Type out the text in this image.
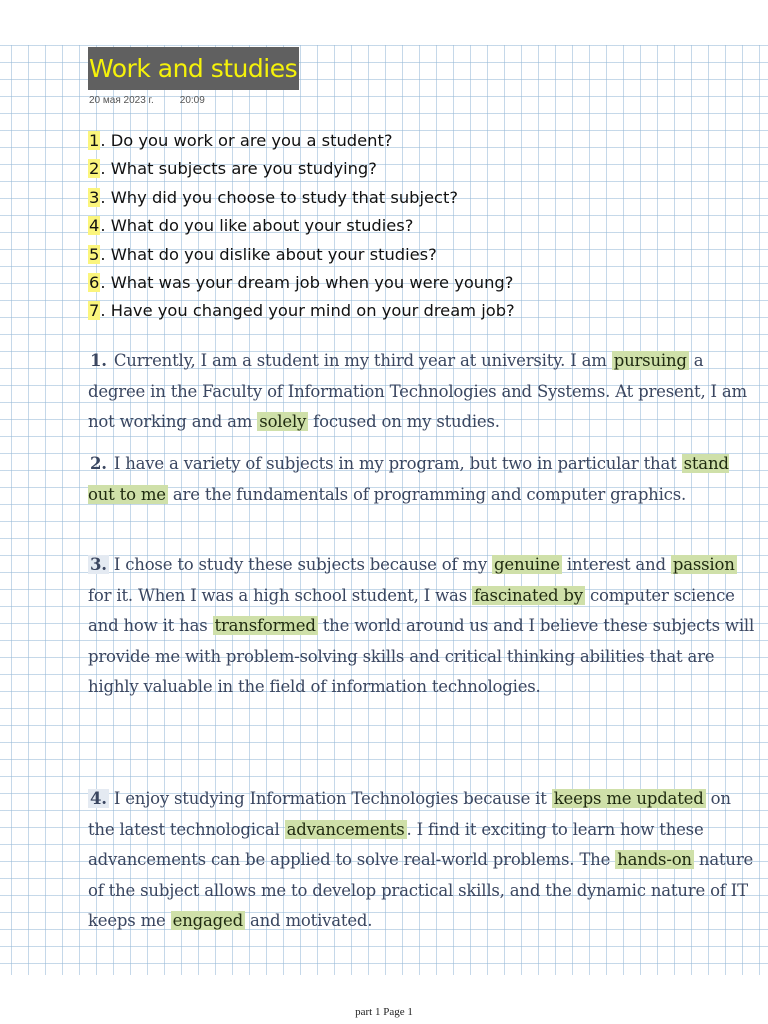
Work and studies
20 мая 2023 г.	20:09
1. Do you work or are you a student?
2. What subjects are you studying?
3. Why did you choose to study that subject?
4. What do you like about your studies?
5. What do you dislike about your studies?
6. What was your dream job when you were young?
7. Have you changed your mind on your dream job?

1. Currently, I am a student in my third year at university. I am pursuing a degree in the Faculty of Information Technologies and Systems. At present, I am not working and am solely focused on my studies.

2. I have a variety of subjects in my program, but two in particular that stand out to me are the fundamentals of programming and computer graphics.

3. I chose to study these subjects because of my genuine interest and passion for it. When I was a high school student, I was fascinated by computer science and how it has transformed the world around us and I believe these subjects will provide me with problem-solving skills and critical thinking abilities that are highly valuable in the field of information technologies.

4. I enjoy studying Information Technologies because it keeps me updated on the latest technological advancements . I find it exciting to learn how these advancements can be applied to solve real-world problems. The hands-on nature of the subject allows me to develop practical skills, and the dynamic nature of IT keeps me engaged and motivated.

part 1 Page 1
